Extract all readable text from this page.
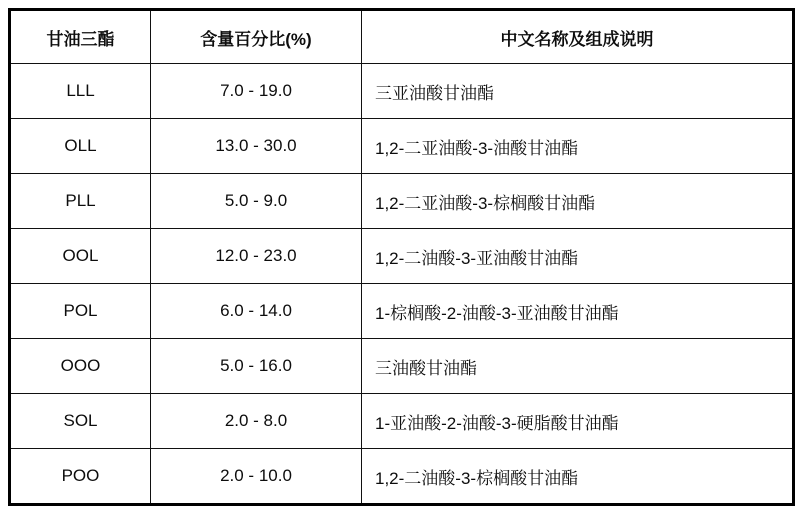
甘油三酯	含量百分比(%)	中文名称及组成说明
LLL	7.0 - 19.0	三亚油酸甘油酯
OLL	13.0 - 30.0	1,2-二亚油酸-3-油酸甘油酯
PLL	5.0 - 9.0	1,2-二亚油酸-3-棕榈酸甘油酯
OOL	12.0 - 23.0	1,2-二油酸-3-亚油酸甘油酯
POL	6.0 - 14.0	1-棕榈酸-2-油酸-3-亚油酸甘油酯
OOO	5.0 - 16.0	三油酸甘油酯
SOL	2.0 - 8.0	1-亚油酸-2-油酸-3-硬脂酸甘油酯
POO	2.0 - 10.0	1,2-二油酸-3-棕榈酸甘油酯
